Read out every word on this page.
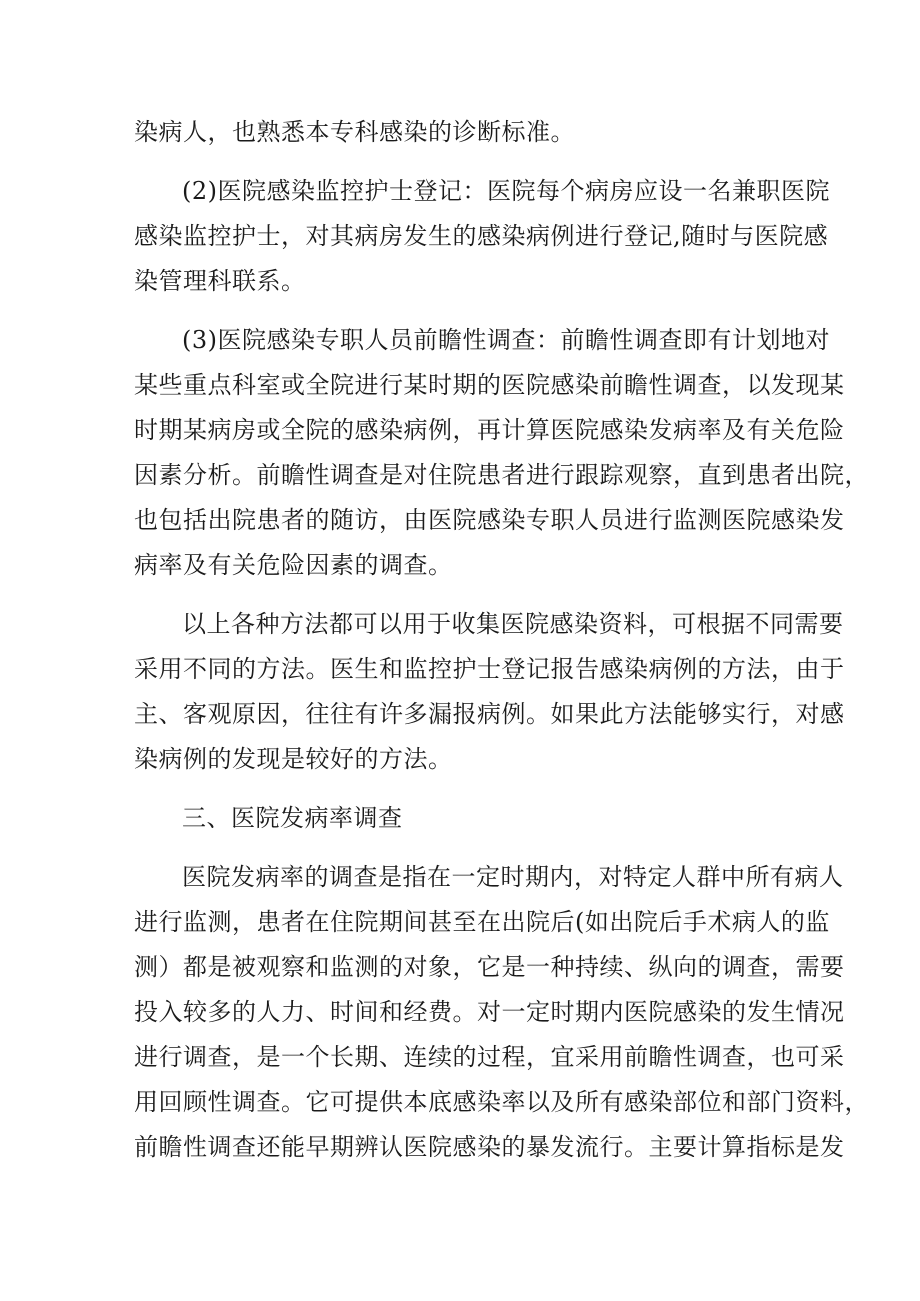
染病人，也熟悉本专科感染的诊断标准。
(2)医院感染监控护士登记：医院每个病房应设一名兼职医院
感染监控护士，对其病房发生的感染病例进行登记,随时与医院感
染管理科联系。
(3)医院感染专职人员前瞻性调查：前瞻性调查即有计划地对
某些重点科室或全院进行某时期的医院感染前瞻性调查，以发现某
时期某病房或全院的感染病例，再计算医院感染发病率及有关危险
因素分析。前瞻性调查是对住院患者进行跟踪观察，直到患者出院，
也包括出院患者的随访，由医院感染专职人员进行监测医院感染发
病率及有关危险因素的调查。
以上各种方法都可以用于收集医院感染资料，可根据不同需要
采用不同的方法。医生和监控护士登记报告感染病例的方法，由于
主、客观原因，往往有许多漏报病例。如果此方法能够实行，对感
染病例的发现是较好的方法。
三、医院发病率调查
医院发病率的调查是指在一定时期内，对特定人群中所有病人
进行监测，患者在住院期间甚至在出院后(如出院后手术病人的监
测）都是被观察和监测的对象，它是一种持续、纵向的调查，需要
投入较多的人力、时间和经费。对一定时期内医院感染的发生情况
进行调查，是一个长期、连续的过程，宜采用前瞻性调查，也可采
用回顾性调查。它可提供本底感染率以及所有感染部位和部门资料，
前瞻性调查还能早期辨认医院感染的暴发流行。主要计算指标是发
